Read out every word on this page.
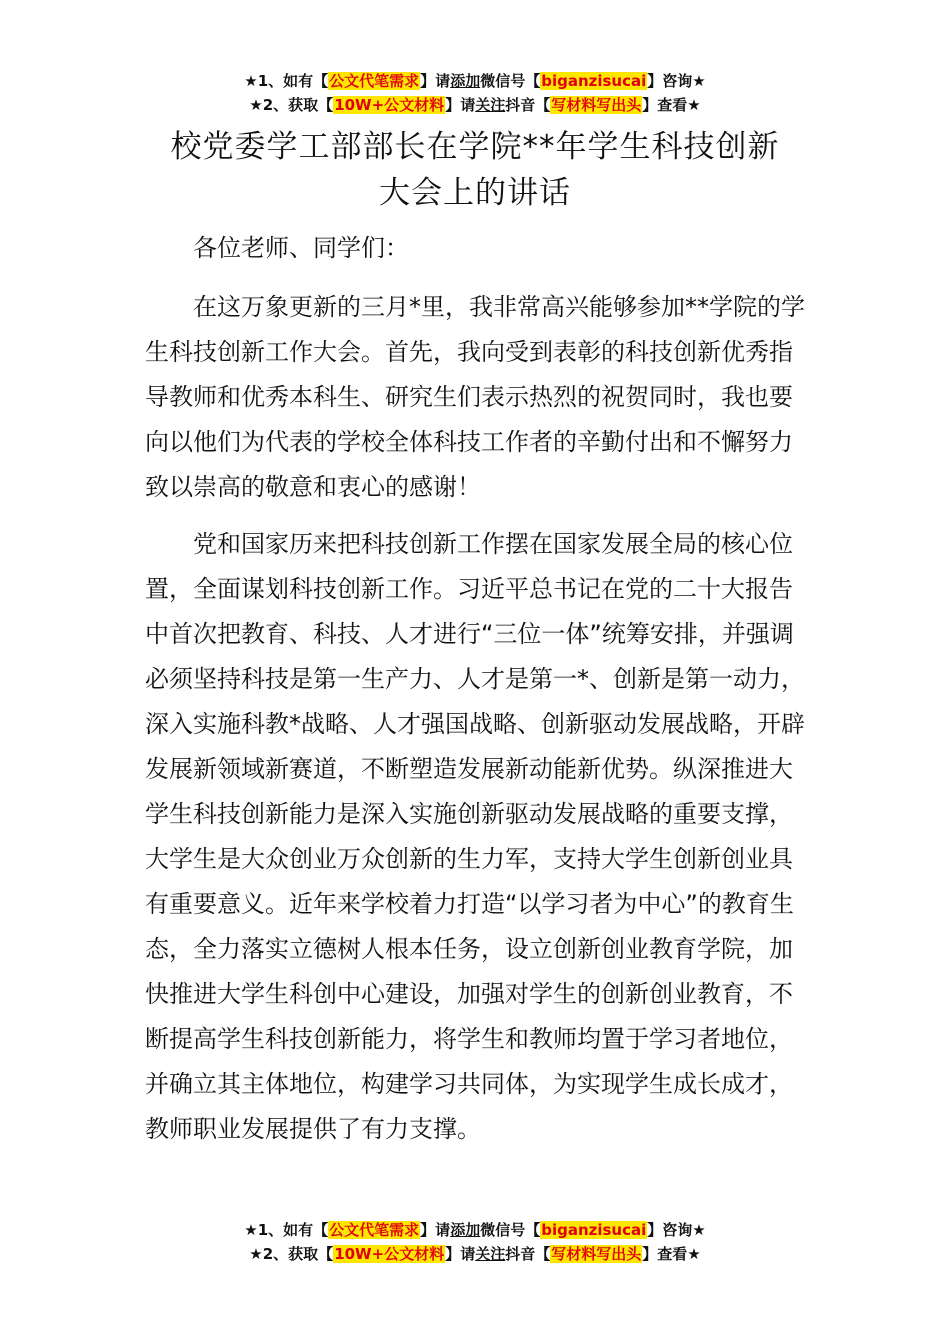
★1、如有【公文代笔需求】请添加微信号【biganzisucai】咨询★
★2、获取【10W+公文材料】请关注抖音【写材料写出头】查看★
校党委学工部部长在学院**年学生科技创新
大会上的讲话

各位老师、同学们：

在这万象更新的三月*里，我非常高兴能够参加**学院的学生科技创新工作大会。首先，我向受到表彰的科技创新优秀指导教师和优秀本科生、研究生们表示热烈的祝贺同时，我也要向以他们为代表的学校全体科技工作者的辛勤付出和不懈努力致以崇高的敬意和衷心的感谢！

党和国家历来把科技创新工作摆在国家发展全局的核心位置，全面谋划科技创新工作。习近平总书记在党的二十大报告中首次把教育、科技、人才进行“三位一体”统筹安排，并强调必须坚持科技是第一生产力、人才是第一*、创新是第一动力，深入实施科教*战略、人才强国战略、创新驱动发展战略，开辟发展新领域新赛道，不断塑造发展新动能新优势。纵深推进大学生科技创新能力是深入实施创新驱动发展战略的重要支撑，大学生是大众创业万众创新的生力军，支持大学生创新创业具有重要意义。近年来学校着力打造“以学习者为中心”的教育生态，全力落实立德树人根本任务，设立创新创业教育学院，加快推进大学生科创中心建设，加强对学生的创新创业教育，不断提高学生科技创新能力，将学生和教师均置于学习者地位，并确立其主体地位，构建学习共同体，为实现学生成长成才，教师职业发展提供了有力支撑。

★1、如有【公文代笔需求】请添加微信号【biganzisucai】咨询★
★2、获取【10W+公文材料】请关注抖音【写材料写出头】查看★
